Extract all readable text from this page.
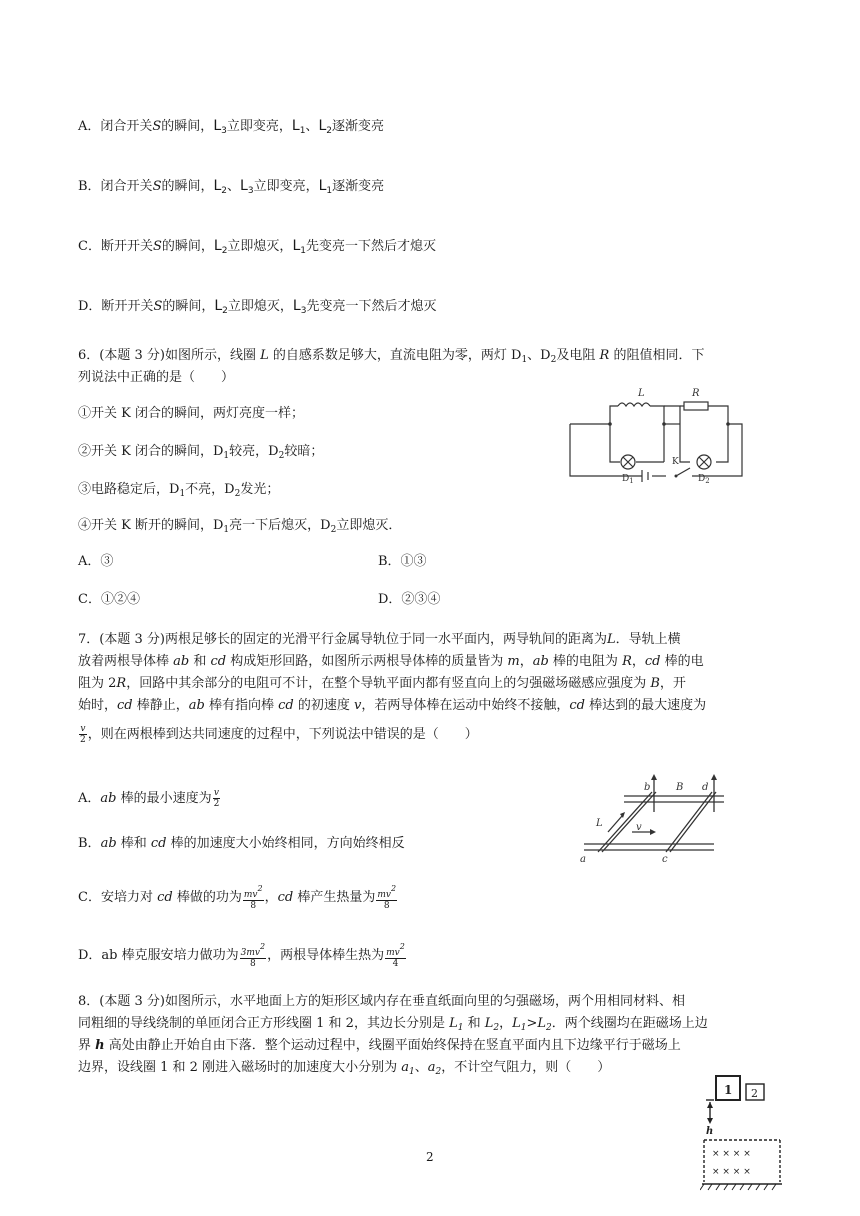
A．闭合开关S的瞬间，$L_3$立即变亮，$L_1$、$L_2$逐渐变亮
B．闭合开关S的瞬间，$L_2$、$L_3$立即变亮，$L_1$逐渐变亮
C．断开开关S的瞬间，$L_2$立即熄灭，$L_1$先变亮一下然后才熄灭
D．断开开关S的瞬间，$L_2$立即熄灭，$L_3$先变亮一下然后才熄灭
6．(本题 3 分)如图所示，线圈 L 的自感系数足够大，直流电阻为零，两灯 $D_1$、$D_2$及电阻 R 的阻值相同．下
列说法中正确的是（　　）
①开关 K 闭合的瞬间，两灯亮度一样；
②开关 K 闭合的瞬间，$D_1$较亮，$D_2$较暗；
③电路稳定后，$D_1$不亮，$D_2$发光；
④开关 K 断开的瞬间，$D_1$亮一下后熄灭，$D_2$立即熄灭．
A．③	B．①③
C．①②④	D．②③④
L	R
$D_1$	$D_2$
K
7．(本题 3 分)两根足够长的固定的光滑平行金属导轨位于同一水平面内，两导轨间的距离为L．导轨上横
放着两根导体棒 ab 和 cd 构成矩形回路，如图所示两根导体棒的质量皆为 m，ab 棒的电阻为 R，cd 棒的电
阻为 2R，回路中其余部分的电阻可不计，在整个导轨平面内都有竖直向上的匀强磁场磁感应强度为 B，开
始时，cd 棒静止，ab 棒有指向棒 cd 的初速度 v，若两导体棒在运动中始终不接触，cd 棒达到的最大速度为
$\frac{v}{2}$ ，则在两根棒到达共同速度的过程中，下列说法中错误的是（　　）
A．ab 棒的最小速度为 $\frac{v}{2}$
B．ab 棒和 cd 棒的加速度大小始终相同，方向始终相反
C．安培力对 cd 棒做的功为 $\frac{mv2}{8}$ ，cd 棒产生热量为 $\frac{mv2}{8}$
D．ab 棒克服安培力做功为 $\frac{3mv2}{8}$ ，两根导体棒生热为 $\frac{mv2}{4}$
b	B d
L	v
a	c
8．(本题 3 分)如图所示，水平地面上方的矩形区域内存在垂直纸面向里的匀强磁场，两个用相同材料、相
同粗细的导线绕制的单匝闭合正方形线圈 1 和 2，其边长分别是 $L_1$ 和 $L_2$，$L_1>L_2$．两个线圈均在距磁场上边
界 h 高处由静止开始自由下落．整个运动过程中，线圈平面始终保持在竖直平面内且下边缘平行于磁场上
边界，设线圈 1 和 2 刚进入磁场时的加速度大小分别为 $a_1$、$a_2$，不计空气阻力，则（　　）
× × × ×
× × × ×
1 2
h
2
